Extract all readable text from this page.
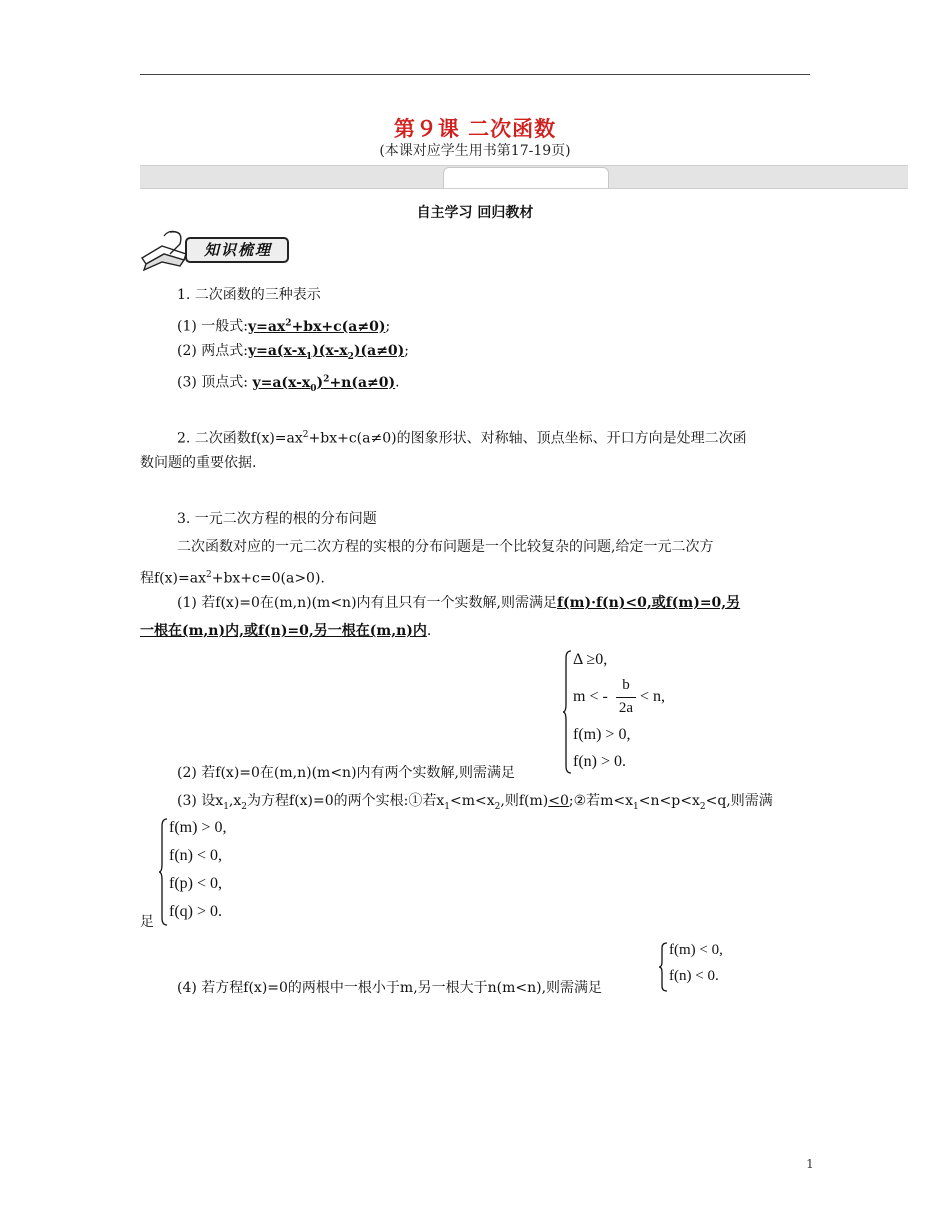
第９课 二次函数
(本课对应学生用书第17-19页)
自主学习 回归教材
知识梳理
1. 二次函数的三种表示
(1) 一般式$:y=ax^2+bx+c(a\ne 0)$;
(2) 两点式$:y=a(x-x_1)(x-x_2)(a\ne 0)$;
(3) 顶点式: $y=a(x-x_0)^2+n(a\ne 0)$.
2. 二次函数$f(x)=ax^2+bx+c(a\ne 0)$的图象形状、对称轴、顶点坐标、开口方向是处理二次函
数问题的重要依据.
3. 一元二次方程的根的分布问题
二次函数对应的一元二次方程的实根的分布问题是一个比较复杂的问题,给定一元二次方
程$f(x)=ax^2+bx+c=0(a>0)$.
(1) 若f(x)=0在(m,n)(m<n)内有且只有一个实数解,则需满足f(m)·f(n)<0,或f(m)=0,另
一根在(m,n)内,或f(n)=0,另一根在(m,n)内.
Δ ≥0,
m < -
b
2a
< n,
f(m) > 0,
f(n) > 0.
(2) 若f(x)=0在(m,n)(m<n)内有两个实数解,则需满足
(3) 设$x_1,x_2$为方程f(x)=0的两个实根:①若$x_1<m<x_2$,则f(m)<0;②若$m<x_1<n<p<x_2<q$,则需满
f(m) > 0,
f(n) < 0,
f(p) < 0,
f(q) > 0.
足
f(m) < 0,
f(n) < 0.
(4) 若方程f(x)=0的两根中一根小于m,另一根大于n(m<n),则需满足
1
